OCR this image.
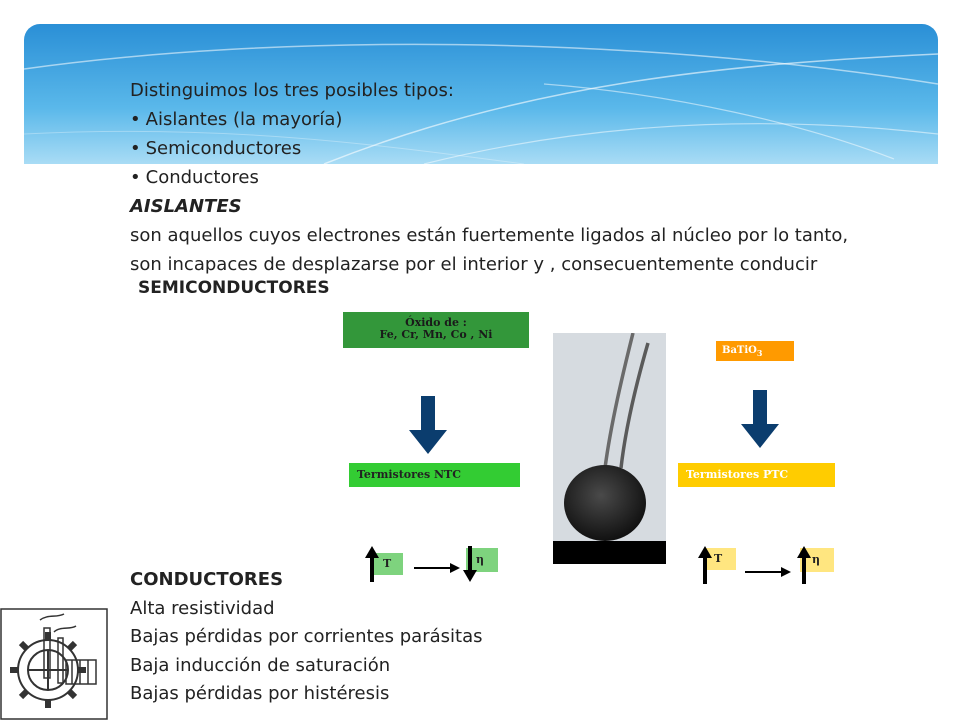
Distinguimos los tres posibles tipos:
• Aislantes (la mayoría)
• Semiconductores
• Conductores
AISLANTES
son aquellos cuyos electrones están fuertemente ligados al núcleo por lo tanto,
son incapaces de desplazarse por el interior y , consecuentemente conducir
SEMICONDUCTORES
Óxido de :
Fe, Cr, Mn, Co , Ni
BaTiO$_3$
Termistores NTC	Termistores PTC
T	η	T	η
CONDUCTORES
Alta resistividad
Bajas pérdidas por corrientes parásitas
Baja inducción de saturación
Bajas pérdidas por histéresis
